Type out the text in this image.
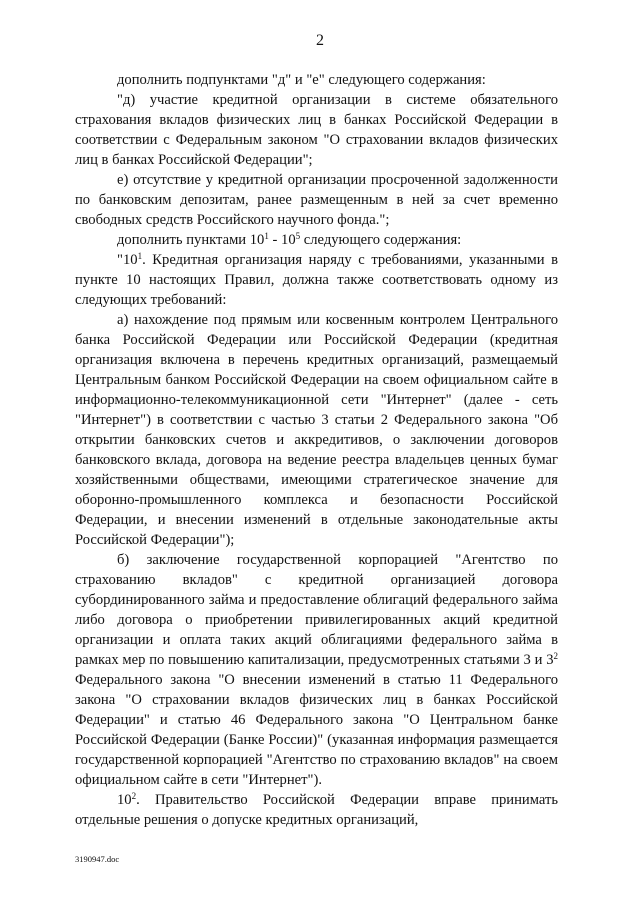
2

дополнить подпунктами "д" и "е" следующего содержания:

"д) участие кредитной организации в системе обязательного страхования вкладов физических лиц в банках Российской Федерации в соответствии с Федеральным законом "О страховании вкладов физических лиц в банках Российской Федерации";

е) отсутствие у кредитной организации просроченной задолженности по банковским депозитам, ранее размещенным в ней за счет временно свободных средств Российского научного фонда.";

дополнить пунктами $10^1 - 10^5$ следующего содержания:

"$10^1$. Кредитная организация наряду с требованиями, указанными в пункте 10 настоящих Правил, должна также соответствовать одному из следующих требований:

а) нахождение под прямым или косвенным контролем Центрального банка Российской Федерации или Российской Федерации (кредитная организация включена в перечень кредитных организаций, размещаемый Центральным банком Российской Федерации на своем официальном сайте в информационно-телекоммуникационной сети "Интернет" (далее - сеть "Интернет") в соответствии с частью 3 статьи 2 Федерального закона "Об открытии банковских счетов и аккредитивов, о заключении договоров банковского вклада, договора на ведение реестра владельцев ценных бумаг хозяйственными обществами, имеющими стратегическое значение для оборонно-промышленного комплекса и безопасности Российской Федерации, и внесении изменений в отдельные законодательные акты Российской Федерации");

б) заключение государственной корпорацией "Агентство по страхованию вкладов" с кредитной организацией договора субординированного займа и предоставление облигаций федерального займа либо договора о приобретении привилегированных акций кредитной организации и оплата таких акций облигациями федерального займа в рамках мер по повышению капитализации, предусмотренных статьями 3 и $3^2$ Федерального закона "О внесении изменений в статью 11 Федерального закона "О страховании вкладов физических лиц в банках Российской Федерации" и статью 46 Федерального закона "О Центральном банке Российской Федерации (Банке России)" (указанная информация размещается государственной корпорацией "Агентство по страхованию вкладов" на своем официальном сайте в сети "Интернет").

$10^2$. Правительство Российской Федерации вправе принимать отдельные решения о допуске кредитных организаций,

3190947.doc
